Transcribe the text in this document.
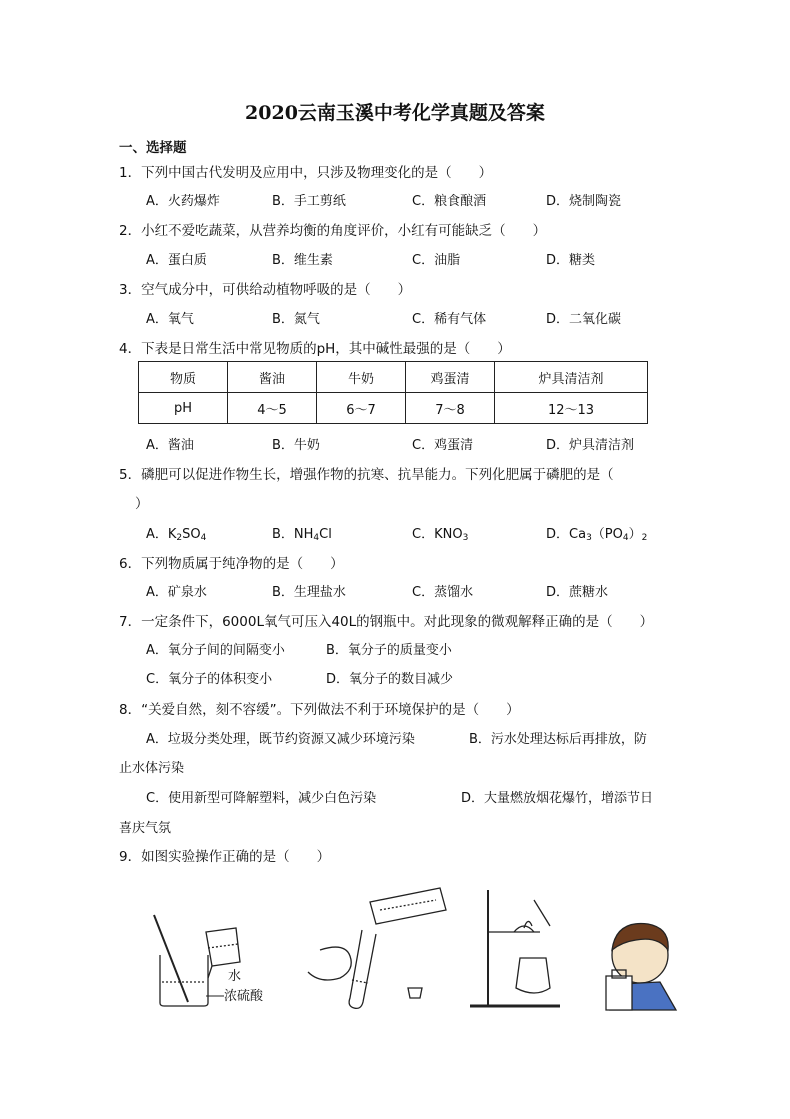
2020云南玉溪中考化学真题及答案
一、选择题
1．下列中国古代发明及应用中，只涉及物理变化的是（　　）
A．火药爆炸	B．手工剪纸	C．粮食酿酒	D．烧制陶瓷
2．小红不爱吃蔬菜，从营养均衡的角度评价，小红有可能缺乏（　　）
A．蛋白质	B．维生素	C．油脂	D．糖类
3．空气成分中，可供给动植物呼吸的是（　　）
A．氧气	B．氮气	C．稀有气体	D．二氧化碳
4．下表是日常生活中常见物质的pH，其中碱性最强的是（　　）
物质	酱油	牛奶	鸡蛋清	炉具清洁剂
pH	4～5	6～7	7～8	12～13
A．酱油	B．牛奶	C．鸡蛋清	D．炉具清洁剂
5．磷肥可以促进作物生长，增强作物的抗寒、抗旱能力。下列化肥属于磷肥的是（
）
A．$K_2SO_4$	B．$NH_4Cl$	C．$KNO_3$	D．$Ca_3(PO_4)_2$
6．下列物质属于纯净物的是（　　）
A．矿泉水	B．生理盐水	C．蒸馏水	D．蔗糖水
7．一定条件下，6000L氧气可压入40L的钢瓶中。对此现象的微观解释正确的是（　　）
A．氧分子间的间隔变小	B．氧分子的质量变小
C．氧分子的体积变小	D．氧分子的数目减少
8．“关爱自然，刻不容缓”。下列做法不利于环境保护的是（　　）
A．垃圾分类处理，既节约资源又减少环境污染	B．污水处理达标后再排放，防
止水体污染
C．使用新型可降解塑料，减少白色污染	D．大量燃放烟花爆竹，增添节日
喜庆气氛
9．如图实验操作正确的是（　　）
水
浓硫酸
